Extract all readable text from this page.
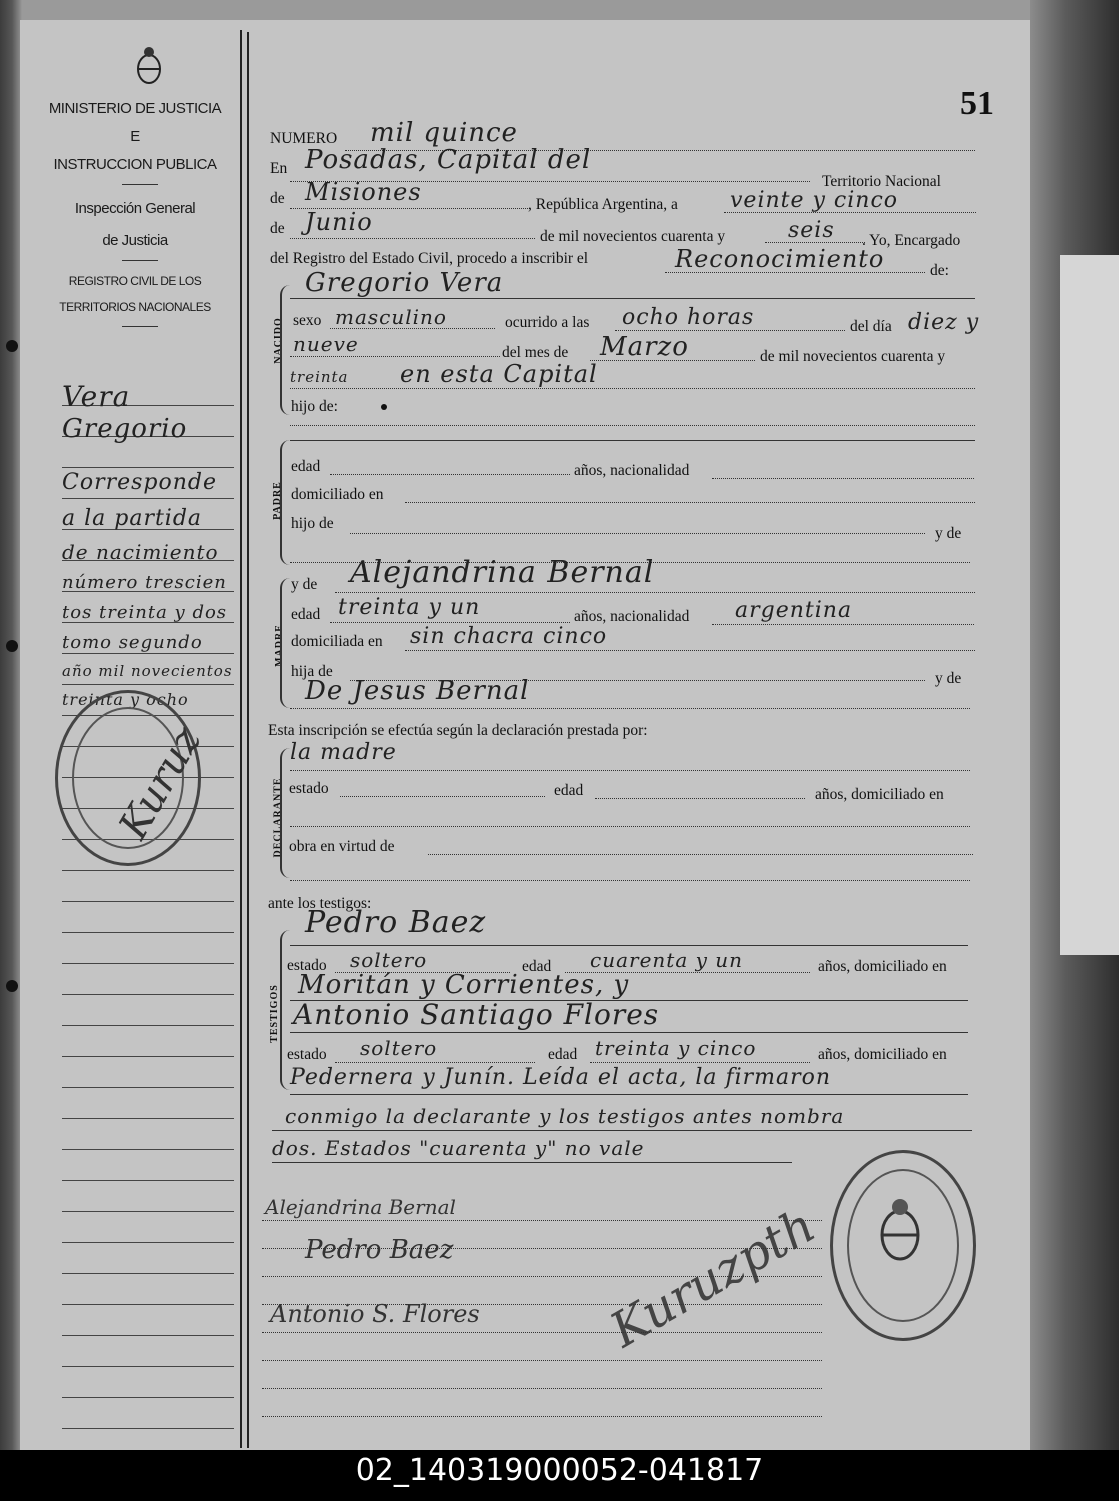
MINISTERIO DE JUSTICIA
E
INSTRUCCION PUBLICA
Inspección General
de Justicia
REGISTRO CIVIL DE LOS
TERRITORIOS NACIONALES
Vera
Gregorio
Corresponde
a la partida
de nacimiento
número trescien
tos treinta y dos
tomo segundo
año mil novecientos
treinta y ocho
Kuruz
51
NACIDO
PADRE
MADRE
DECLARANTE
TESTIGOS
NUMERO mil quince
En Posadas, Capital del
Territorio Nacional
de Misiones	, República Argentina, a veinte y cinco
de Junio
de mil novecientos cuarenta y	seis . Yo, Encargado
del Registro del Estado Civil, procedo a inscribir el	Reconocimiento	de:
Gregorio Vera
sexo masculino	ocurrido a las ocho horas	del día diez y
nueve	del mes de Marzo	de mil novecientos cuarenta y
treinta en esta Capital
hijo de:
edad	años, nacionalidad
domiciliado en
hijo de
y de
y de Alejandrina Bernal
edad treinta y un	años, nacionalidad argentina
domiciliada en sin chacra cinco
hija de	y de
De Jesus Bernal
Esta inscripción se efectúa según la declaración prestada por:
la madre
estado	edad	años, domiciliado en
obra en virtud de
ante los testigos:
Pedro Baez
estado soltero	edad cuarenta y un	años, domiciliado en
Moritán y Corrientes, y
Antonio Santiago Flores
estado soltero	edad treinta y cinco	años, domiciliado en
Pedernera y Junín. Leída el acta, la firmaron
conmigo la declarante y los testigos antes nombra
dos. Estados "cuarenta y" no vale
Alejandrina Bernal
Pedro Baez
Antonio S. Flores	Kuruzpth
02_140319000052-041817
